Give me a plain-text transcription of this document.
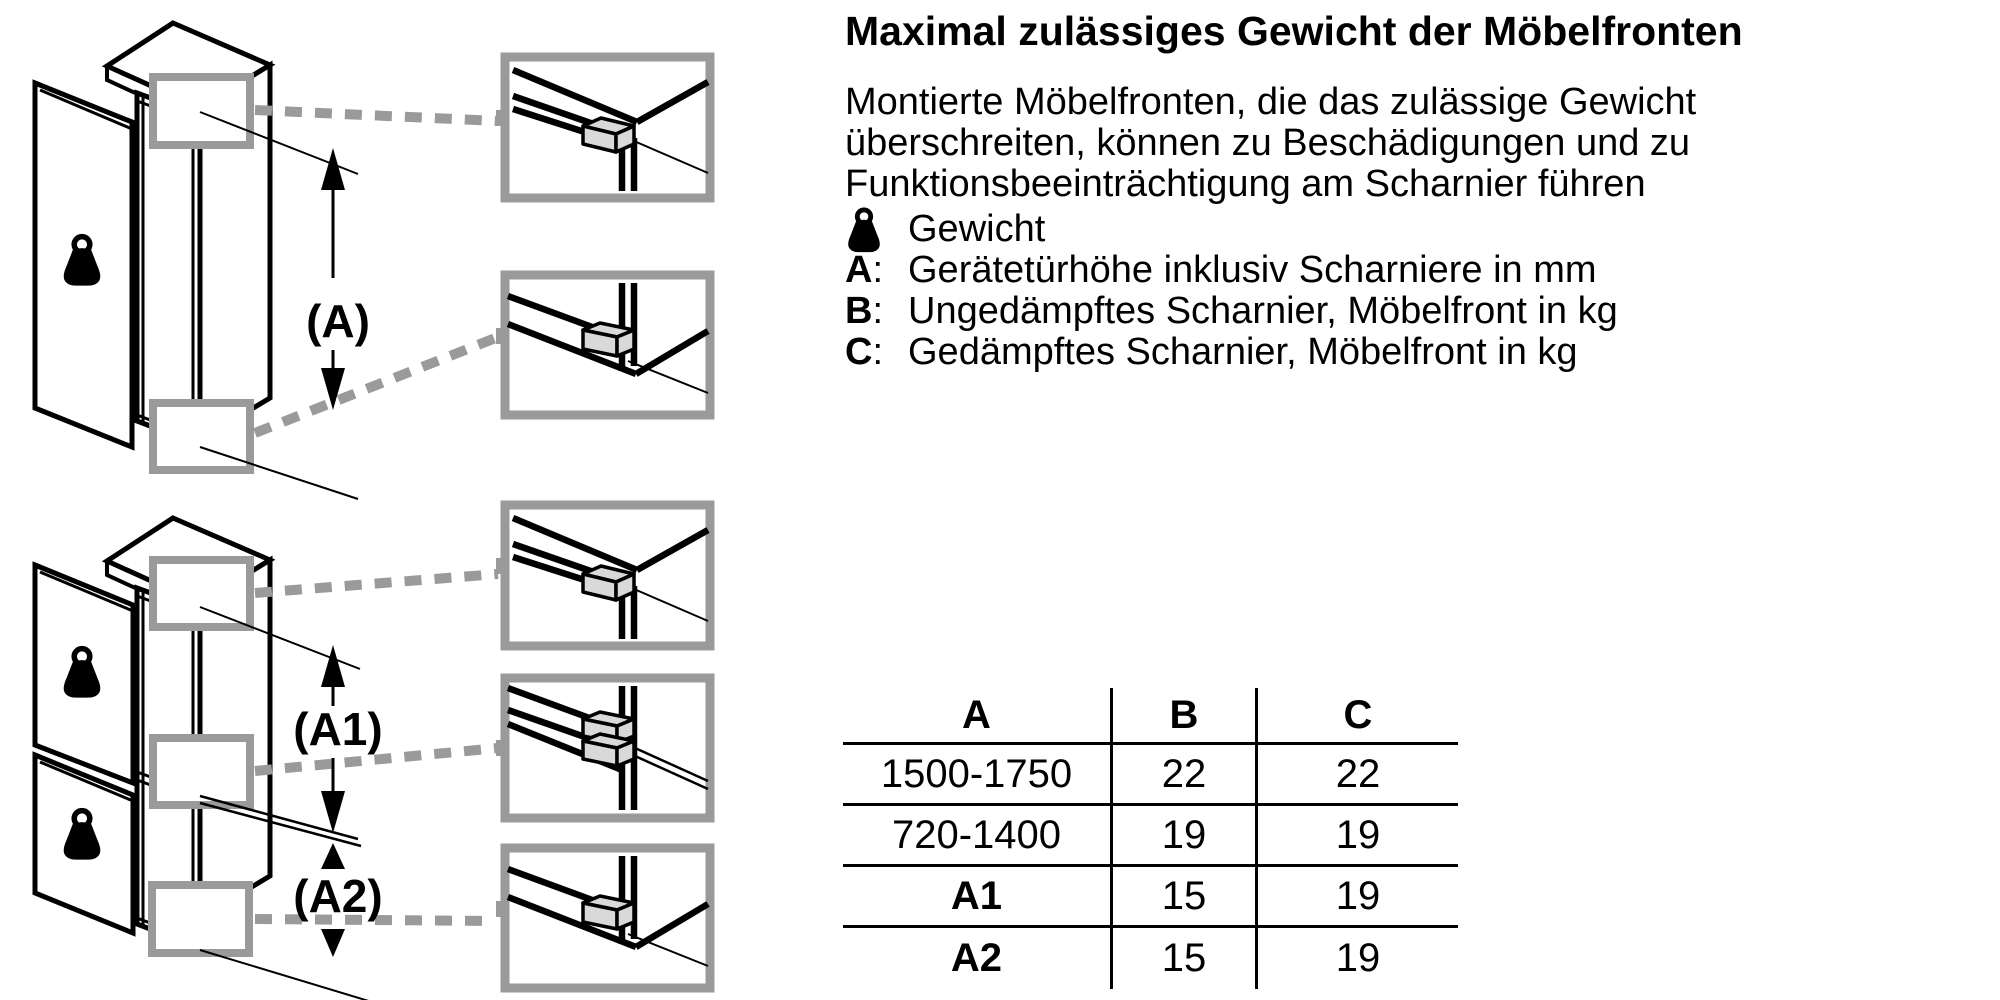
(A)
(A1)
(A2)
Maximal zulässiges Gewicht der Möbelfronten

Montierte Möbelfronten, die das zulässige Gewicht überschreiten, können zu Beschädigungen und zu Funktionsbeeinträchtigung am Scharnier führen

Gewicht
A: Gerätetürhöhe inklusiv Scharniere in mm
B: Ungedämpftes Scharnier, Möbelfront in kg
C: Gedämpftes Scharnier, Möbelfront in kg
A	B	C
1500-1750	22	22
720-1400	19	19
A1	15	19
A2	15	19
